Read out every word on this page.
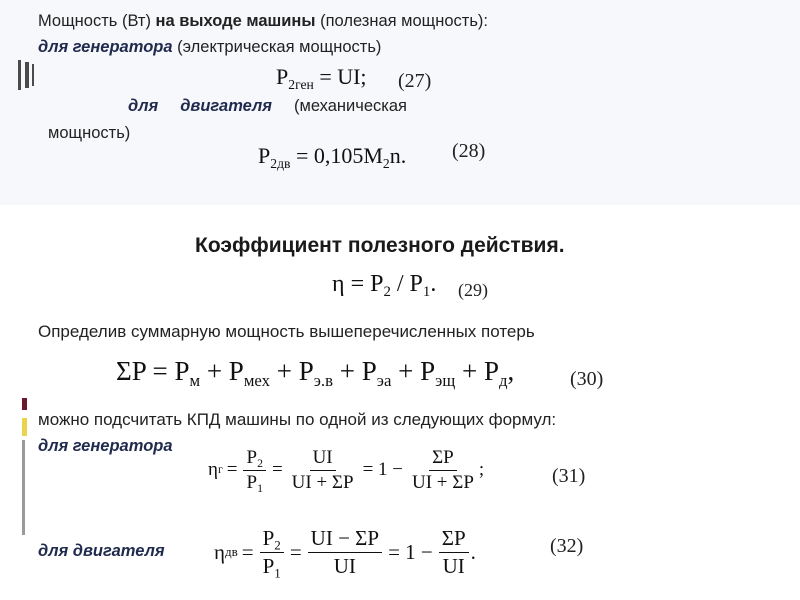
Мощность (Вт) на выходе машины (полезная мощность):
для генератора (электрическая мощность)
$P_{2ген}$ = UI; (27)
для двигателя (механическая
мощность)
$P_{2дв} = 0,105M_2n$. (28)
Коэффициент полезного действия.
$\eta = P_2 / P_1$. (29)
Определив суммарную мощность вышеперечисленных потерь
$\Sigma P = P_м + P_{мех} + P_{э.в} + P_{эа} + P_{эщ} + P_д$,	(30)
можно подсчитать КПД машины по одной из следующих формул:
для генератора
η $г = \frac{P_2}{P_1} = \frac{UI}{UI + \Sigma P} = 1 - \frac{\Sigma P}{UI + \Sigma P}$ ;	(31)
для двигателя η дв = $\frac{P_2}{P_1} = \frac{UI - \Sigma P}{UI} = 1 - \frac{\Sigma P}{UI}$ .	(32)
